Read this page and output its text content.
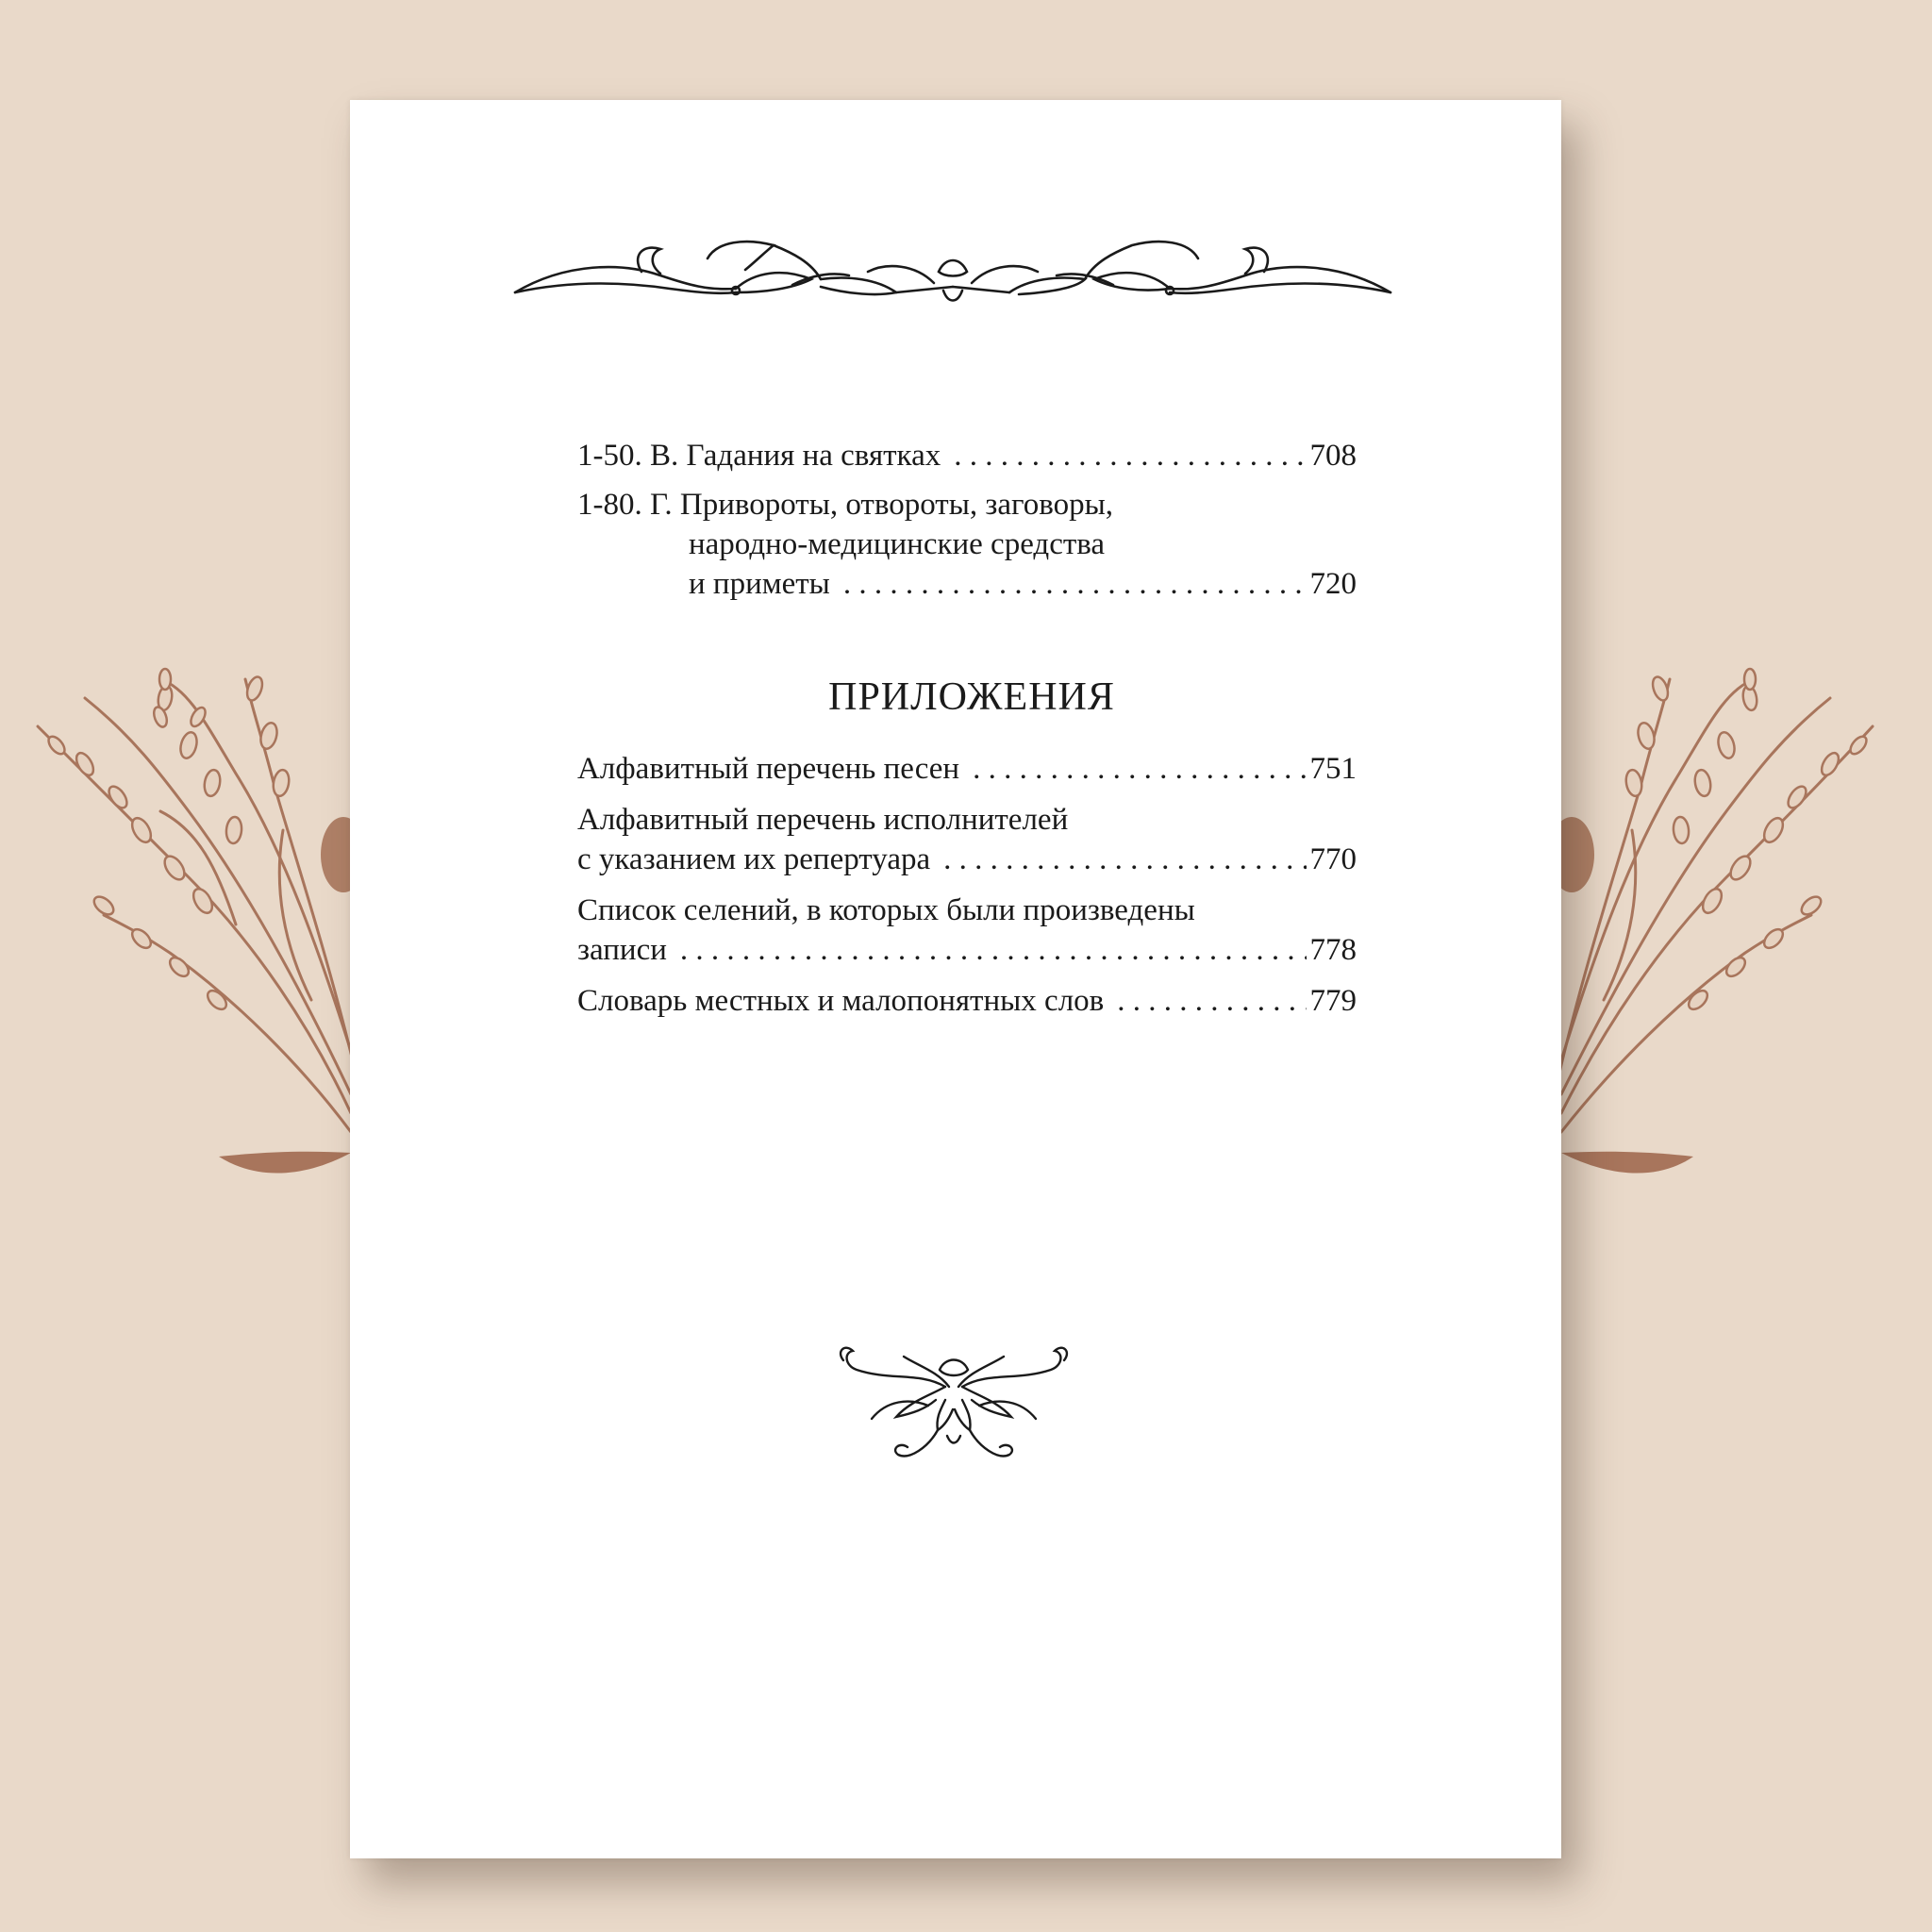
1-50. В. Гадания на святках . . .	708
1-80. Г. Привороты, отвороты, заговоры,
народно-медицинские средства
и приметы . . .	720
ПРИЛОЖЕНИЯ
Алфавитный перечень песен . . .	751
Алфавитный перечень исполнителей
с указанием их репертуара . . .	770
Список селений, в которых были произведены
записи . . .	778
Словарь местных и малопонятных слов . . .	779
